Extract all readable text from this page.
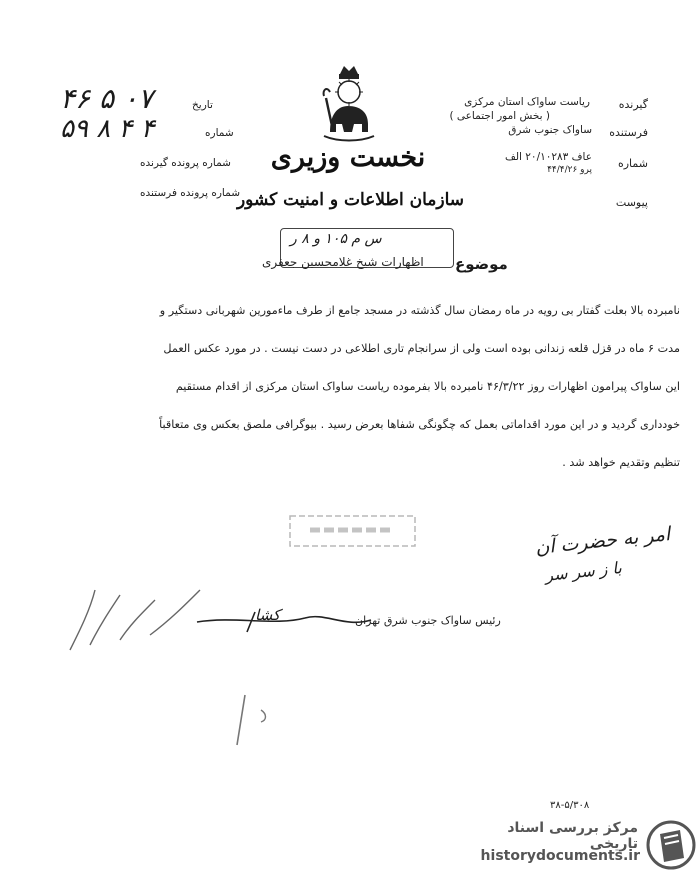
نخست وزیری
سازمان اطلاعات و امنیت کشور
گیرنده
ریاست ساواک استان مرکزی
( بخش امور اجتماعی )
فرستنده
ساواک جنوب شرق
شماره
عاف ۲۰/۱۰۲۸۳ الف
پرو ۴۴/۴/۲۶
پیوست
تاریخ
۴۶ ۵ ۰۷
شماره
۵۹ ۸ ۴ ۴
شماره پرونده گیرنده
شماره پرونده فرستنده
س م ۱۰۵ و ۸ ر
موضوع
اظهارات شیخ غلامحسین جعفری
نامبرده بالا بعلت گفتار بی رویه در ماه رمضان سال گذشته در مسجد جامع از طرف ماءمورین شهربانی دستگیر و
مدت ۶ ماه در قزل قلعه زندانی بوده است ولی از سرانجام تاری اطلاعی در دست نیست . در مورد عکس العمل
این ساواک پیرامون اظهارات روز ۴۶/۳/۲۲ نامبرده بالا بفرموده ریاست ساواک استان مرکزی از اقدام مستقیم
خودداری گردید و در این مورد اقداماتی بعمل که چگونگی شفاها بعرض رسید . بیوگرافی ملصق بعکس وی متعاقباً
تنظیم وتقدیم خواهد شد .
امر به حضرت آن
با ز سر سر
رئیس ساواک جنوب شرق تهران
کشا
۳۸-۵/۳۰۸
مرکز بررسی اسناد تاریخی
historydocuments.ir
